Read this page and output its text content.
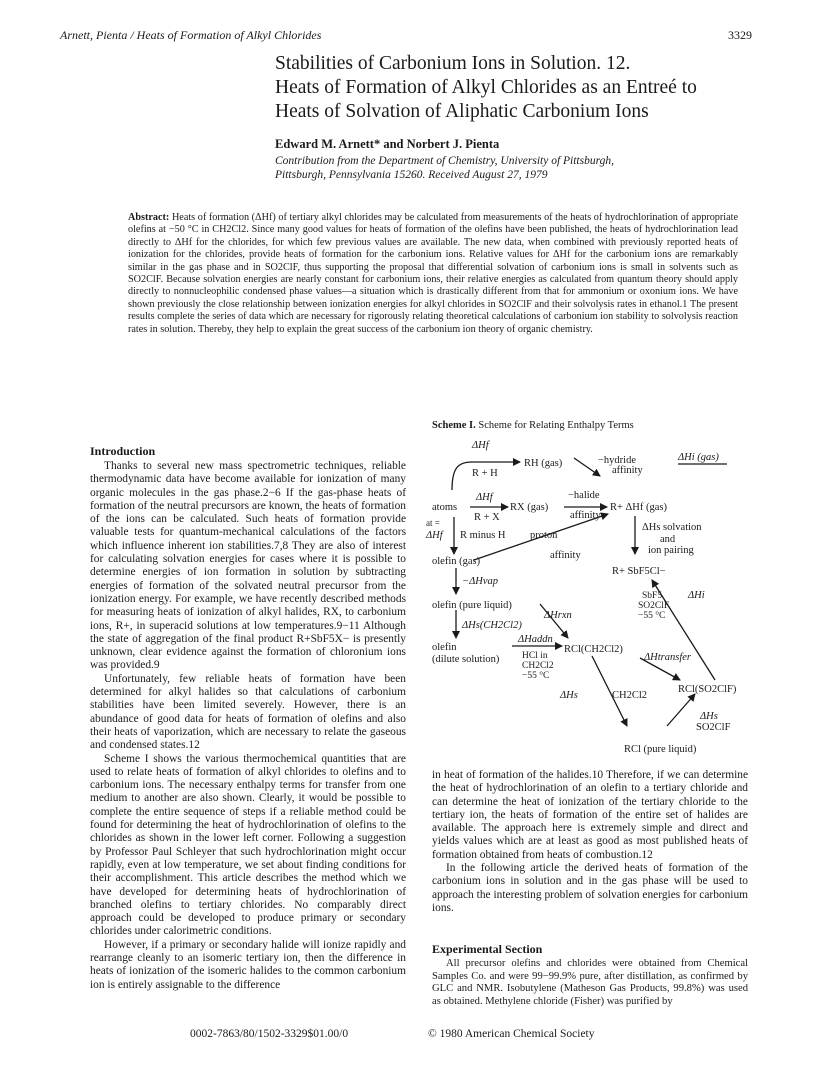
Arnett, Pienta / Heats of Formation of Alkyl Chlorides	3329
Stabilities of Carbonium Ions in Solution. 12.
Heats of Formation of Alkyl Chlorides as an Entreé to
Heats of Solvation of Aliphatic Carbonium Ions
Edward M. Arnett* and Norbert J. Pienta
Contribution from the Department of Chemistry, University of Pittsburgh,
Pittsburgh, Pennsylvania 15260. Received August 27, 1979
Abstract: Heats of formation (ΔHf) of tertiary alkyl chlorides may be calculated from measurements of the heats of hydrochlorination of appropriate olefins at −50 °C in CH2Cl2. Since many good values for heats of formation of the olefins have been published, the heats of hydrochlorination lead directly to ΔHf for the chlorides, for which few previous values are available. The new data, when combined with previously reported heats of ionization for the chlorides, provide heats of formation for the carbonium ions. Relative values for ΔHf for the carbonium ions are remarkably similar in the gas phase and in SO2ClF, thus supporting the proposal that differential solvation of carbonium ions is small in solvents such as SO2ClF. Because solvation energies are nearly constant for carbonium ions, their relative energies as calculated from quantum theory should apply directly to nonnucleophilic condensed phase values—a situation which is drastically different from that for ammonium or oxonium ions. We have shown previously the close relationship between ionization energies for alkyl chlorides in SO2ClF and their solvolysis rates in ethanol.1 The present results complete the series of data which are necessary for rigorously relating theoretical calculations of carbonium ion stability to solvolysis reaction rates in solution. Thereby, they help to explain the great success of the carbonium ion theory of organic chemistry.
Introduction

Thanks to several new mass spectrometric techniques, reliable thermodynamic data have become available for ionization of many organic molecules in the gas phase.2−6 If the gas-phase heats of formation of the neutral precursors are known, the heats of formation of the ions can be calculated. Such heats of formation provide valuable tests for quantum-mechanical calculations of the factors which influence inherent ion stabilities.7,8 They are also of interest for calculating solvation energies for cases where it is possible to determine energies of ion formation in solution by subtracting energies of formation of the solvated neutral precursor from the ionization energy. For example, we have recently described methods for measuring heats of ionization of alkyl halides, RX, to carbonium ions, R+, in superacid solutions at low temperatures.9−11 Although the state of aggregation of the final product R+SbF5X− is presently unknown, clear evidence against the formation of chloronium ions was provided.9

Unfortunately, few reliable heats of formation have been determined for alkyl halides so that calculations of carbonium stabilities have been limited severely. However, there is an abundance of good data for heats of formation of olefins and also their heats of vaporization, which are necessary to relate the gaseous and condensed states.12

Scheme I shows the various thermochemical quantities that are used to relate heats of formation of alkyl chlorides to olefins and to carbonium ions. The necessary enthalpy terms for transfer from one medium to another are also shown. Clearly, it would be possible to complete the entire sequence of steps if a reliable method could be found for determining the heat of hydrochlorination of olefins to the chlorides as shown in the lower left corner. Following a suggestion by Professor Paul Schleyer that such hydrochlorination might occur rapidly, even at low temperature, we set about finding conditions for their accomplishment. This article describes the method which we have developed for determining heats of hydrochlorination of branched olefins to tertiary chlorides. No comparably direct approach could be developed to produce primary or secondary chlorides under calorimetric conditions.

However, if a primary or secondary halide will ionize rapidly and rearrange cleanly to an isomeric tertiary ion, then the difference in heats of ionization of the isomeric halides to the common carbonium ion is entirely assignable to the difference

Scheme I. Scheme for Relating Enthalpy Terms
ΔHf
R + H
RH (gas)	−hydride
affinity
ΔHi (gas)
atoms
ΔHf
R + X
RX (gas)
−halide
affinity
R+ ΔHf (gas)
at =
ΔHf R minus H proton
affinity
ΔHs solvation
and
ion pairing
olefin (gas)
R+ SbF5Cl−
−ΔHvap
olefin (pure liquid)
ΔHrxn
SbF5
SO2ClF
−55 °C
ΔHi
ΔHs(CH2Cl2)
olefin
(dilute solution)
ΔHaddn
HCl in
CH2Cl2
−55 °C
RCl(CH2Cl2)
ΔHtransfer
ΔHs	CH2Cl2
RCl(SO2ClF)
ΔHs
SO2ClF
RCl (pure liquid)

in heat of formation of the halides.10 Therefore, if we can determine the heat of hydrochlorination of an olefin to a tertiary chloride and can determine the heat of ionization of the tertiary chloride to the tertiary ion, the heats of formation of the entire set of halides are available. The approach here is extremely simple and direct and yields values which are at least as good as most published heats of formation obtained from heats of combustion.12

In the following article the derived heats of formation of the carbonium ions in solution and in the gas phase will be used to approach the interesting problem of solvation energies for carbonium ions.

Experimental Section

All precursor olefins and chlorides were obtained from Chemical Samples Co. and were 99−99.9% pure, after distillation, as confirmed by GLC and NMR. Isobutylene (Matheson Gas Products, 99.8%) was used as obtained. Methylene chloride (Fisher) was purified by

0002-7863/80/1502-3329$01.00/0	© 1980 American Chemical Society
